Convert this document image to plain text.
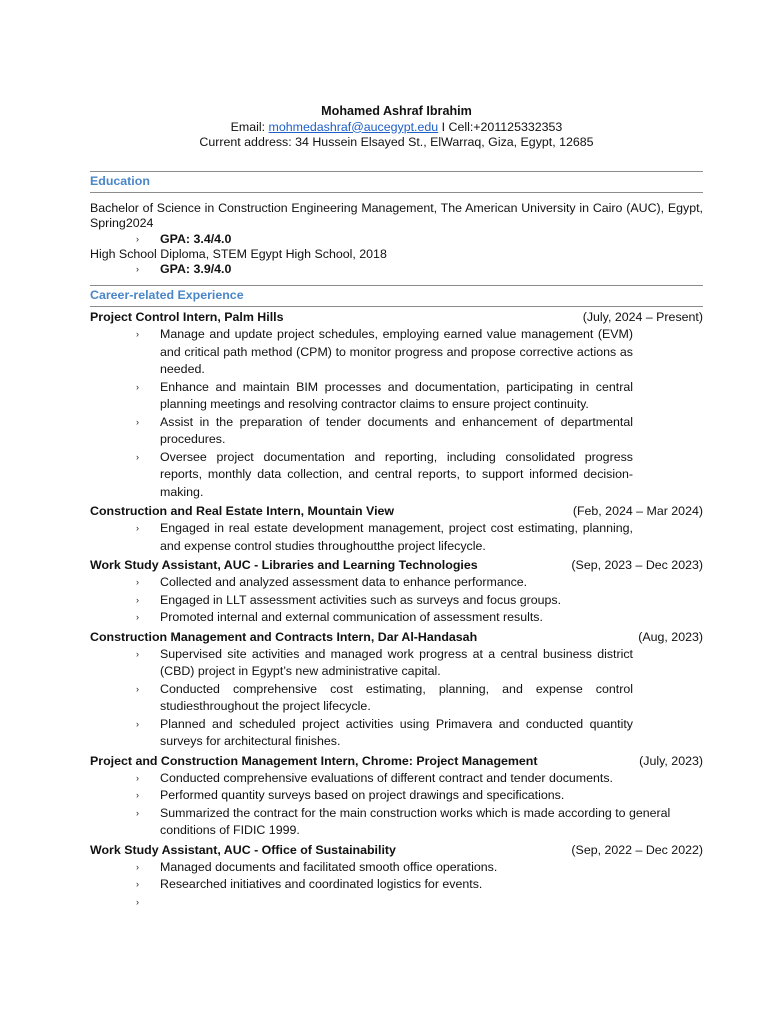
Mohamed Ashraf Ibrahim
Email: mohmedashraf@aucegypt.edu I Cell:+201125332353
Current address: 34 Hussein Elsayed St., ElWarraq, Giza, Egypt, 12685
Education
Bachelor of Science in Construction Engineering Management, The American University in Cairo (AUC), Egypt, Spring2024
› GPA: 3.4/4.0
High School Diploma, STEM Egypt High School, 2018
› GPA: 3.9/4.0
Career-related Experience
Project Control Intern, Palm Hills	(July, 2024 – Present)
› Manage and update project schedules, employing earned value management (EVM) and critical path method (CPM) to monitor progress and propose corrective actions as needed.
› Enhance and maintain BIM processes and documentation, participating in central planning meetings and resolving contractor claims to ensure project continuity.
› Assist in the preparation of tender documents and enhancement of departmental procedures.
› Oversee project documentation and reporting, including consolidated progress reports, monthly data collection, and central reports, to support informed decision-making.
Construction and Real Estate Intern, Mountain View	(Feb, 2024 – Mar 2024)
› Engaged in real estate development management, project cost estimating, planning, and expense control studies throughoutthe project lifecycle.
Work Study Assistant, AUC - Libraries and Learning Technologies	(Sep, 2023 – Dec 2023)
› Collected and analyzed assessment data to enhance performance.
› Engaged in LLT assessment activities such as surveys and focus groups.
› Promoted internal and external communication of assessment results.
Construction Management and Contracts Intern, Dar Al-Handasah	(Aug, 2023)
› Supervised site activities and managed work progress at a central business district (CBD) project in Egypt’s new administrative capital.
› Conducted comprehensive cost estimating, planning, and expense control studiesthroughout the project lifecycle.
› Planned and scheduled project activities using Primavera and conducted quantity surveys for architectural finishes.
Project and Construction Management Intern, Chrome: Project Management	(July, 2023)
› Conducted comprehensive evaluations of different contract and tender documents.
› Performed quantity surveys based on project drawings and specifications.
› Summarized the contract for the main construction works which is made according to general conditions of FIDIC 1999.
Work Study Assistant, AUC - Office of Sustainability	(Sep, 2022 – Dec 2022)
› Managed documents and facilitated smooth office operations.
› Researched initiatives and coordinated logistics for events.
›
